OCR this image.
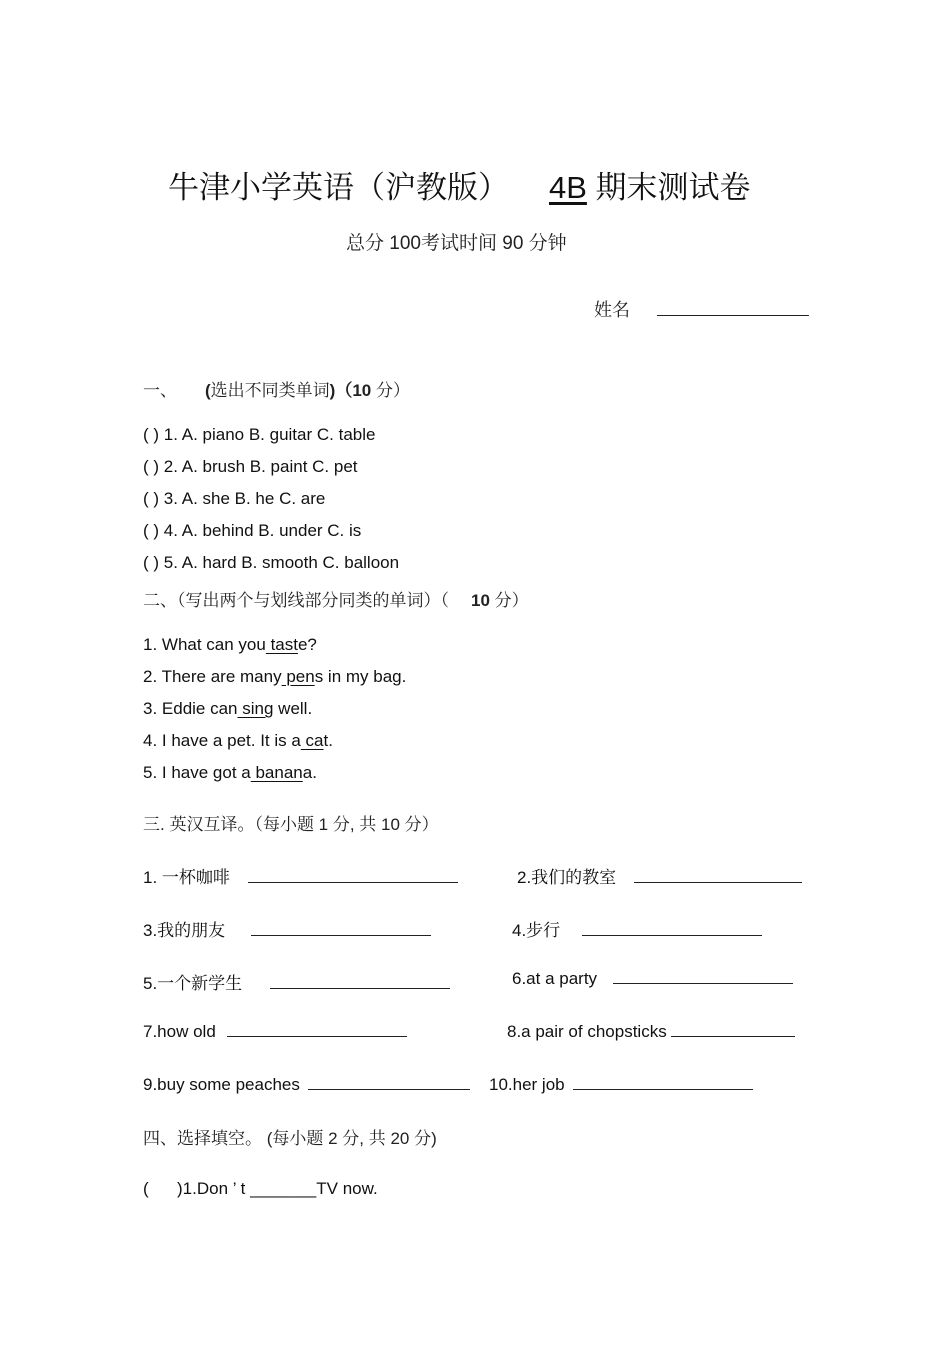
牛津小学英语（沪教版） 4B 期末测试卷
总分 100考试时间 90 分钟
姓名
一、 (选出不同类单词)（10 分）
( ) 1. A. piano B. guitar C. table
( ) 2. A. brush B. paint C. pet
( ) 3. A. she B. he C. are
( ) 4. A. behind B. under C. is
( ) 5. A. hard B. smooth C. balloon
二、（写出两个与划线部分同类的单词）（ 10 分）
1. What can you taste?
2. There are many pens in my bag.
3. Eddie can sing well.
4. I have a pet. It is a cat.
5. I have got a banana.
三. 英汉互译。（每小题 1 分, 共 10 分）
1. 一杯咖啡	2.我们的教室
3.我的朋友	4.步行
5.一个新学生	6.at a party
7.how old	8.a pair of chopsticks
9.buy some peaches	10.her job
四、选择填空。 (每小题 2 分, 共 20 分)
(      )1.Don ’ t _______TV now.
